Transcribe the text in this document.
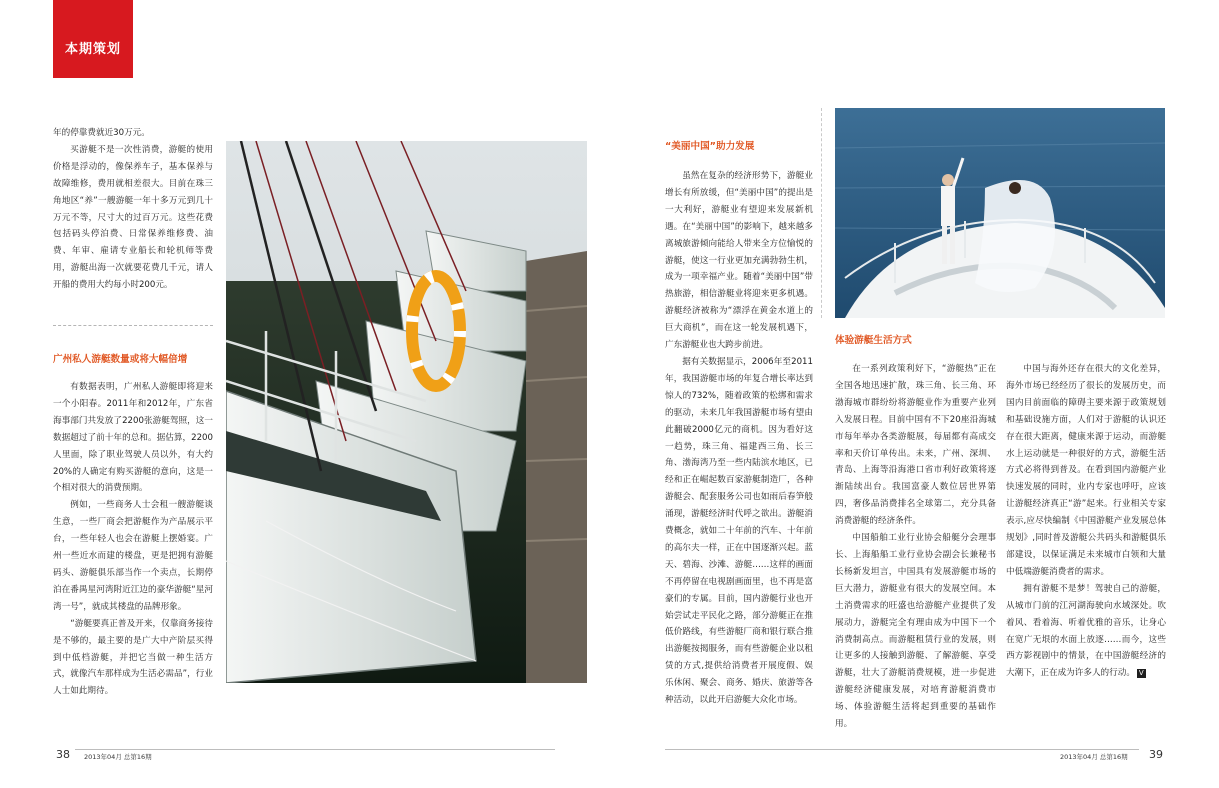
本期策划

年的停靠费就近30万元。

买游艇不是一次性消费，游艇的使用价格是浮动的，像保养车子，基本保养与故障维修，费用就相差很大。目前在珠三角地区“养”一艘游艇一年十多万元到几十万元不等，尺寸大的过百万元。这些花费包括码头停泊费、日常保养维修费、油费、年审、雇请专业船长和轮机师等费用，游艇出海一次就要花费几千元，请人开船的费用大约每小时200元。

广州私人游艇数量或将大幅倍增

有数据表明，广州私人游艇即将迎来一个小阳春。2011年和2012年，广东省海事部门共发放了2200张游艇驾照，这一数据超过了前十年的总和。据估算，2200人里面，除了职业驾驶人员以外，有大约20%的人确定有购买游艇的意向，这是一个相对很大的消费预期。

例如，一些商务人士会租一艘游艇谈生意，一些厂商会把游艇作为产品展示平台，一些年轻人也会在游艇上摆婚宴。广州一些近水而建的楼盘，更是把拥有游艇码头、游艇俱乐部当作一个卖点，长期停泊在番禺星河湾附近江边的豪华游艇“星河湾一号”，就成其楼盘的品牌形象。

“游艇要真正普及开来，仅靠商务接待是不够的，最主要的是广大中产阶层买得到中低档游艇，并把它当做一种生活方式，就像汽车那样成为生活必需品”，行业人士如此期待。

“美丽中国”助力发展

虽然在复杂的经济形势下，游艇业增长有所放缓，但“美丽中国”的提出是一大利好，游艇业有望迎来发展新机遇。在“美丽中国”的影响下，越来越多离城旅游倾向能给人带来全方位愉悦的游艇，使这一行业更加充满勃勃生机，成为一项幸福产业。随着“美丽中国”带热旅游，相信游艇业将迎来更多机遇。游艇经济被称为“漂浮在黄金水道上的巨大商机”，而在这一轮发展机遇下，广东游艇业也大跨步前进。

据有关数据显示，2006年至2011年，我国游艇市场的年复合增长率达到惊人的732%，随着政策的松绑和需求的驱动，未来几年我国游艇市场有望由此翻破2000亿元的商机。因为看好这一趋势，珠三角、福建西三角、长三角、渤海湾乃至一些内陆滨水地区，已经和正在崛起数百家游艇制造厂，各种游艇会、配套服务公司也如雨后春笋般涌现，游艇经济时代呼之欲出。游艇消费概念，就如二十年前的汽车、十年前的高尔夫一样，正在中国逐渐兴起。蓝天、碧海、沙滩、游艇……这样的画面不再停留在电视剧画面里，也不再是富豪们的专属。目前，国内游艇行业也开始尝试走平民化之路，部分游艇正在推低价路线，有些游艇厂商和银行联合推出游艇按揭服务，而有些游艇企业以租赁的方式,提供给消费者开展度假、娱乐休闲、聚会、商务、婚庆、旅游等各种活动，以此开启游艇大众化市场。

体验游艇生活方式

在一系列政策利好下，“游艇热”正在全国各地迅速扩散，珠三角、长三角、环渤海城市群纷纷将游艇业作为重要产业列入发展日程。目前中国有不下20座沿海城市每年举办各类游艇展，每届都有高成交率和天价订单传出。未来，广州、深圳、青岛、上海等沿海港口省市利好政策将逐渐陆续出台。我国富豪人数位居世界第四，奢侈品消费排名全球第二，充分具备消费游艇的经济条件。

中国船舶工业行业协会船艇分会理事长、上海船船工业行业协会副会长兼秘书长杨新发坦言，中国具有发展游艇市场的巨大潜力，游艇业有很大的发展空间。本土消费需求的旺盛也给游艇产业提供了发展动力，游艇完全有理由成为中国下一个消费制高点。而游艇租赁行业的发展，则让更多的人接触到游艇、了解游艇、享受游艇，壮大了游艇消费规模，进一步促进游艇经济健康发展，对培育游艇消费市场、体验游艇生活将起到重要的基础作用。

中国与海外还存在很大的文化差异，海外市场已经经历了很长的发展历史，而国内目前面临的障碍主要来源于政策规划和基础设施方面，人们对于游艇的认识还存在很大距离，健康来源于运动，而游艇水上运动就是一种很好的方式，游艇生活方式必将得到普及。在看到国内游艇产业快速发展的同时，业内专家也呼吁，应该让游艇经济真正“游”起来。行业相关专家表示,应尽快编制《中国游艇产业发展总体规划》,同时普及游艇公共码头和游艇俱乐部建设，以保证满足未来城市白领和大量中低端游艇消费者的需求。

拥有游艇不是梦！驾驶自己的游艇，从城市门前的江河湖海驶向水域深处。吹着风、看着海、听着优雅的音乐，让身心在宽广无垠的水面上放逐……而今，这些西方影视剧中的情景，在中国游艇经济的大潮下，正在成为许多人的行动。 V

38 2013年04月 总第16期	2013年04月 总第16期 39
